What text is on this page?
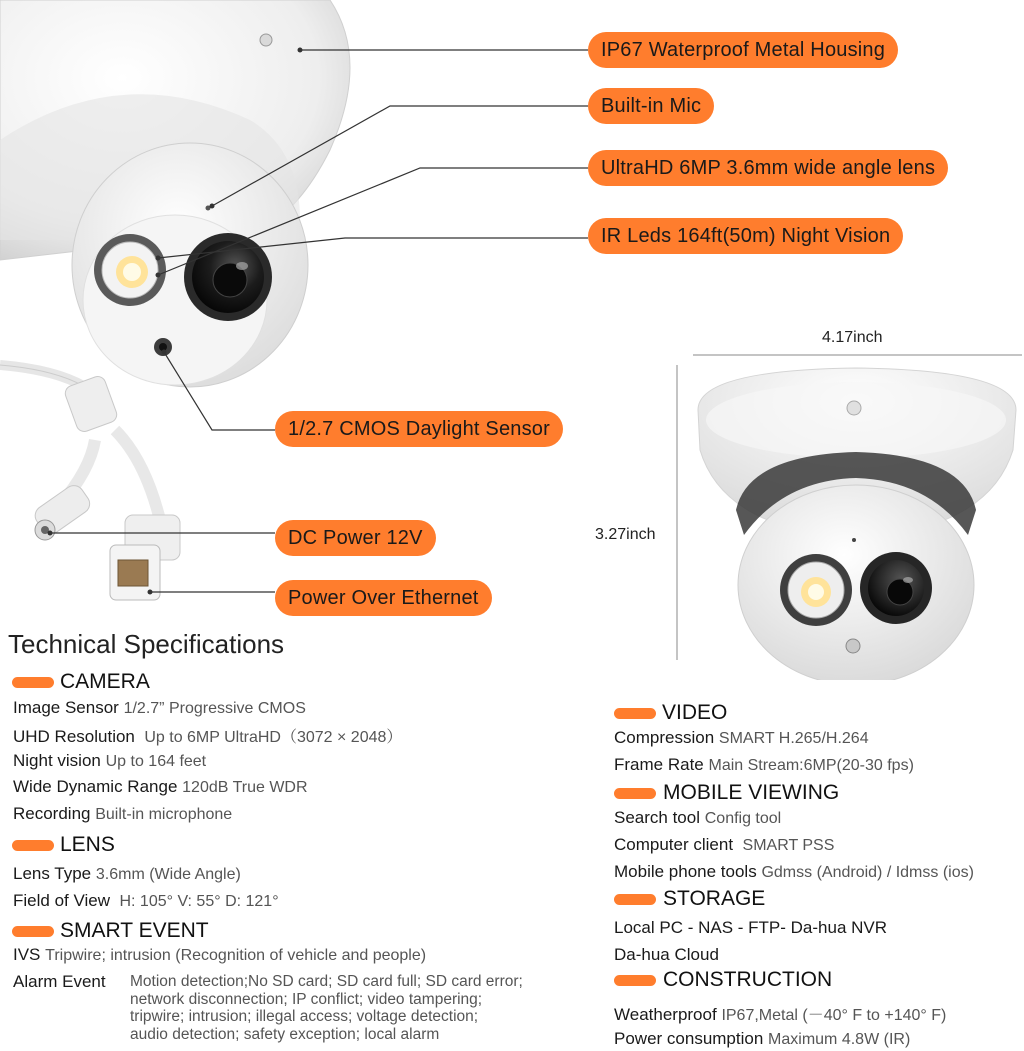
IP67 Waterproof Metal Housing
Built-in Mic
UltraHD 6MP 3.6mm wide angle lens
IR Leds 164ft(50m) Night Vision
1/2.7 CMOS Daylight Sensor
DC Power 12V
Power Over Ethernet
4.17inch
3.27inch
Technical Specifications
CAMERA
Image Sensor 1/2.7” Progressive CMOS
UHD Resolution Up to 6MP UltraHD（3072 × 2048）
Night vision Up to 164 feet
Wide Dynamic Range 120dB True WDR
Recording Built-in microphone
LENS
Lens Type 3.6mm (Wide Angle)
Field of View H: 105° V: 55° D: 121°
SMART EVENT
IVS Tripwire; intrusion (Recognition of vehicle and people)
Alarm Event Motion detection;No SD card; SD card full; SD card error;
network disconnection; IP conflict; video tampering;
tripwire; intrusion; illegal access; voltage detection;
audio detection; safety exception; local alarm
VIDEO
Compression SMART H.265/H.264
Frame Rate Main Stream:6MP(20-30 fps)
MOBILE VIEWING
Search tool Config tool
Computer client SMART PSS
Mobile phone tools Gdmss (Android) / Idmss (ios)
STORAGE
Local PC - NAS - FTP- Da-hua NVR
Da-hua Cloud
CONSTRUCTION
Weatherproof IP67,Metal (－40° F to +140° F)
Power consumption Maximum 4.8W (IR)
